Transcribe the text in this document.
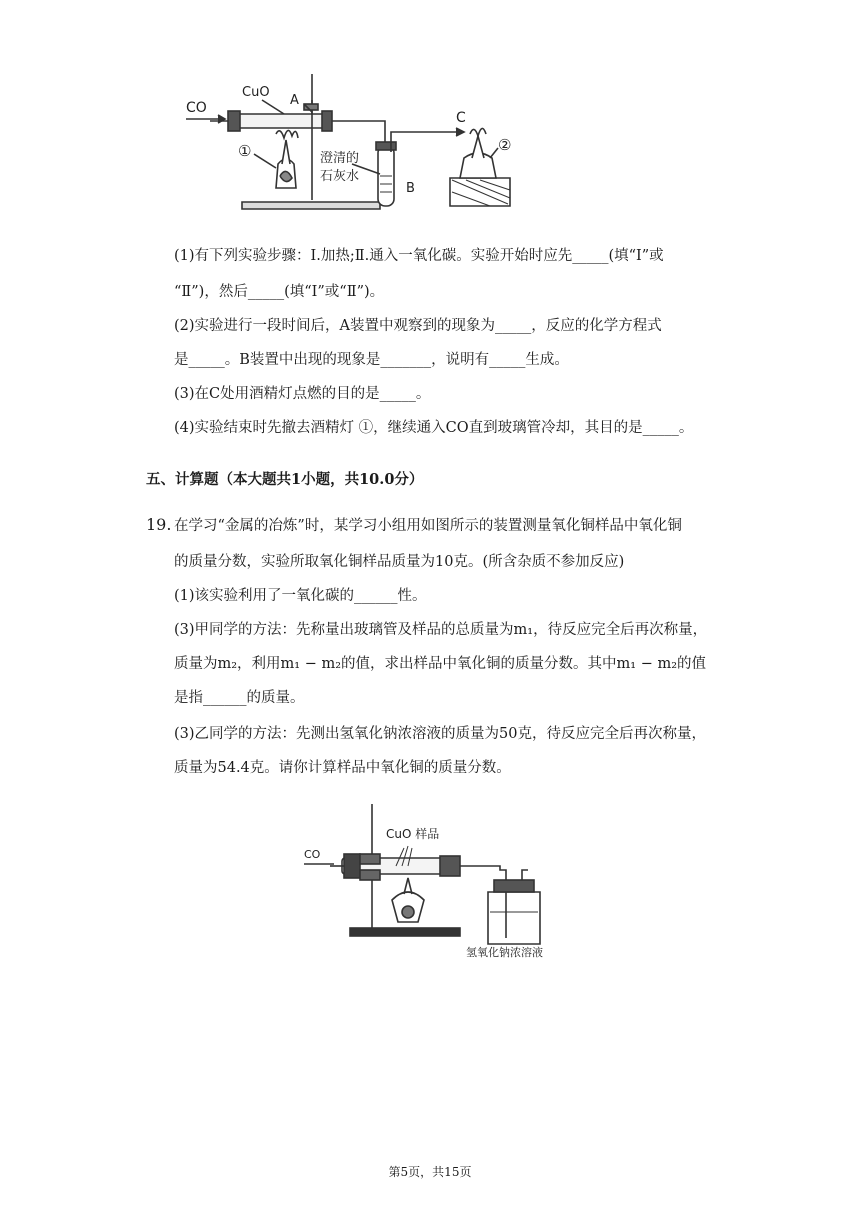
CO
CuO
A
C
B
①	②
澄清的
石灰水
(1)有下列实验步骤：Ⅰ.加热;Ⅱ.通入一氧化碳。实验开始时应先_____(填“Ⅰ”或
“Ⅱ”)，然后_____(填“Ⅰ”或“Ⅱ”)。
(2)实验进行一段时间后，A装置中观察到的现象为_____，反应的化学方程式
是_____。B装置中出现的现象是_______，说明有_____生成。
(3)在C处用酒精灯点燃的目的是_____。
(4)实验结束时先撤去酒精灯 ①，继续通入CO直到玻璃管冷却，其目的是_____。
五、计算题（本大题共1小题，共10.0分）
19. 在学习“金属的冶炼”时，某学习小组用如图所示的装置测量氧化铜样品中氧化铜
的质量分数，实验所取氧化铜样品质量为10克。(所含杂质不参加反应)
(1)该实验利用了一氧化碳的______性。
(3)甲同学的方法：先称量出玻璃管及样品的总质量为m₁，待反应完全后再次称量，
质量为m₂，利用m₁ − m₂的值，求出样品中氧化铜的质量分数。其中m₁ − m₂的值
是指______的质量。
(3)乙同学的方法：先测出氢氧化钠浓溶液的质量为50克，待反应完全后再次称量，
质量为54.4克。请你计算样品中氧化铜的质量分数。
CO
CuO 样品
氢氧化钠浓溶液
第5页，共15页
